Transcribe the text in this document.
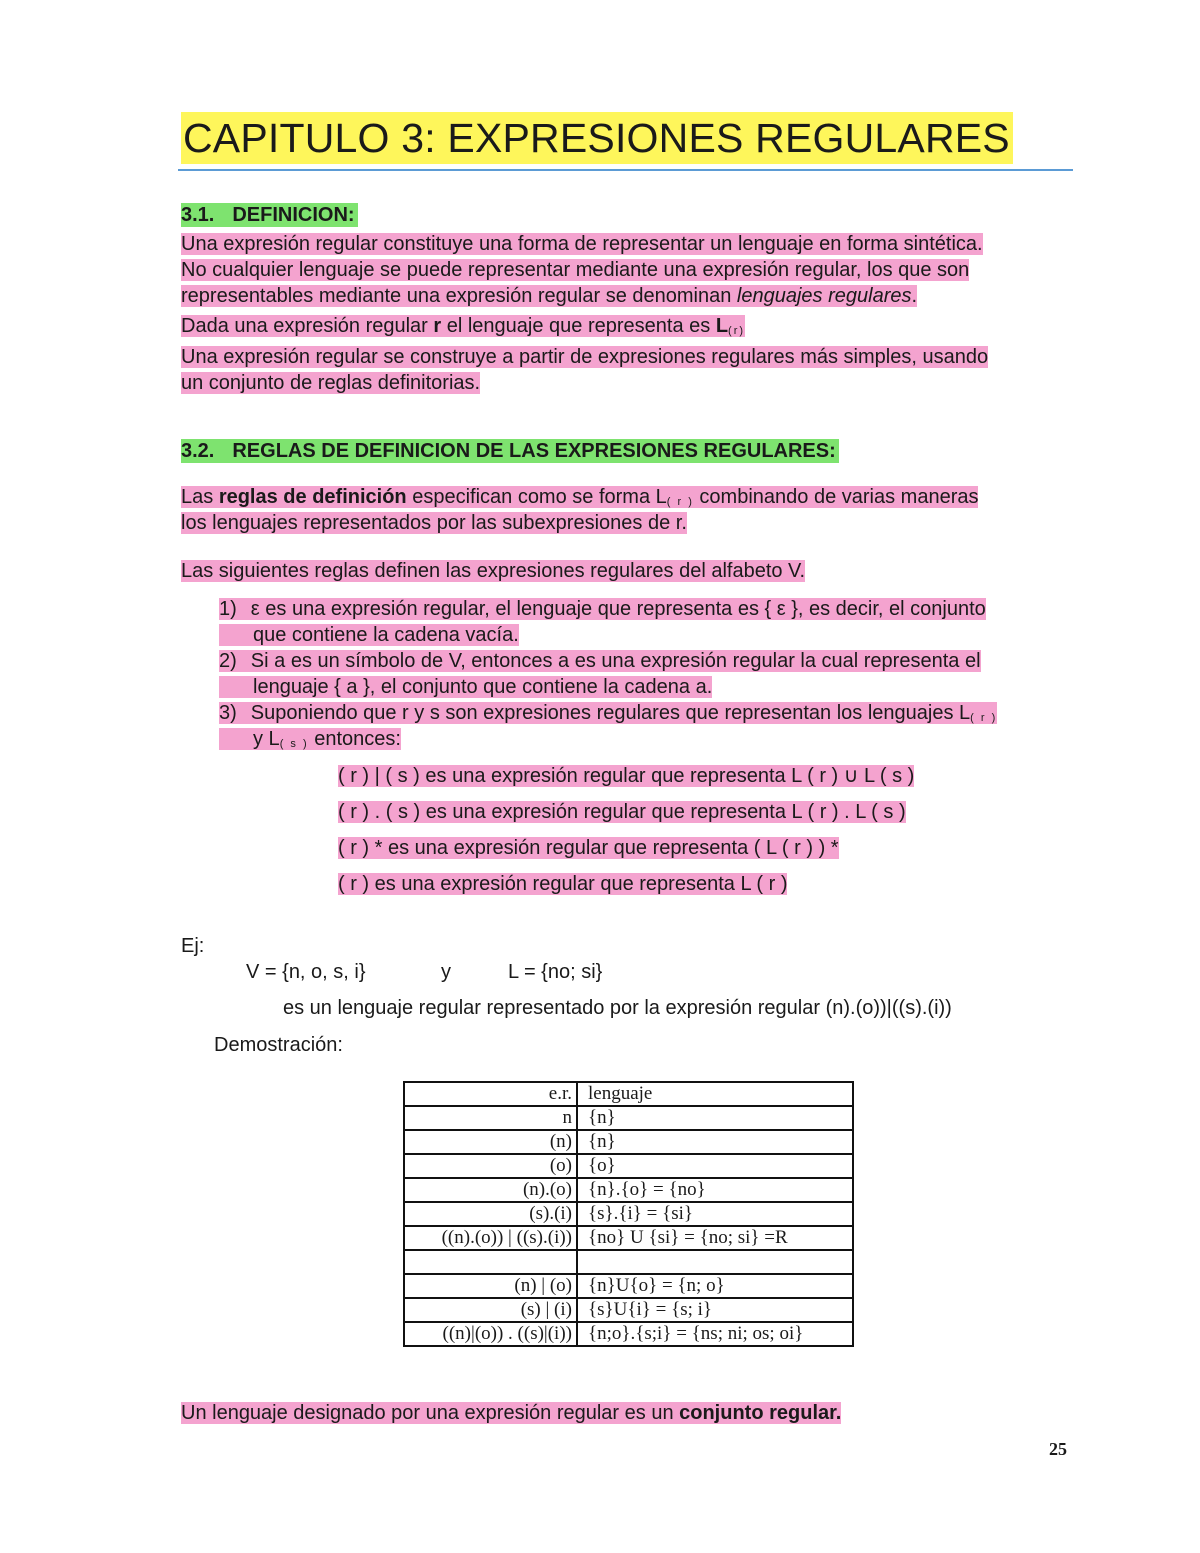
CAPITULO 3: EXPRESIONES REGULARES
3.1. DEFINICION:
Una expresión regular constituye una forma de representar un lenguaje en forma sintética.
No cualquier lenguaje se puede representar mediante una expresión regular, los que son
representables mediante una expresión regular se denominan lenguajes regulares.
Dada una expresión regular r el lenguaje que representa es $L_{(r)}$
Una expresión regular se construye a partir de expresiones regulares más simples, usando
un conjunto de reglas definitorias.
3.2. REGLAS DE DEFINICION DE LAS EXPRESIONES REGULARES:
Las reglas de definición especifican como se forma $L_{( r )}$ combinando de varias maneras
los lenguajes representados por las subexpresiones de r.
Las siguientes reglas definen las expresiones regulares del alfabeto V.
1) ε es una expresión regular, el lenguaje que representa es { ε }, es decir, el conjunto
que contiene la cadena vacía.
2) Si a es un símbolo de V, entonces a es una expresión regular la cual representa el
lenguaje { a }, el conjunto que contiene la cadena a.
3) Suponiendo que r y s son expresiones regulares que representan los lenguajes $L_{( r )}$
y $L_{( s )}$ entonces:
( r ) | ( s ) es una expresión regular que representa L ( r ) ∪ L ( s )
( r ) . ( s ) es una expresión regular que representa L ( r ) . L ( s )
( r ) * es una expresión regular que representa ( L ( r ) ) *
( r ) es una expresión regular que representa L ( r )
Ej:
V = {n, o, s, i}	y	L = {no; si}
es un lenguaje regular representado por la expresión regular (n).(o))|((s).(i))
Demostración:
e.r.	lenguaje
n	{n}
(n)	{n}
(o)	{o}
(n).(o)	{n}.{o} = {no}
(s).(i)	{s}.{i} = {si}
((n).(o)) | ((s).(i))	{no} U {si} = {no; si} =R

(n) | (o)	{n}U{o} = {n; o}
(s) | (i)	{s}U{i} = {s; i}
((n)|(o)) . ((s)|(i))	{n;o}.{s;i} = {ns; ni; os; oi}
Un lenguaje designado por una expresión regular es un conjunto regular.
25
